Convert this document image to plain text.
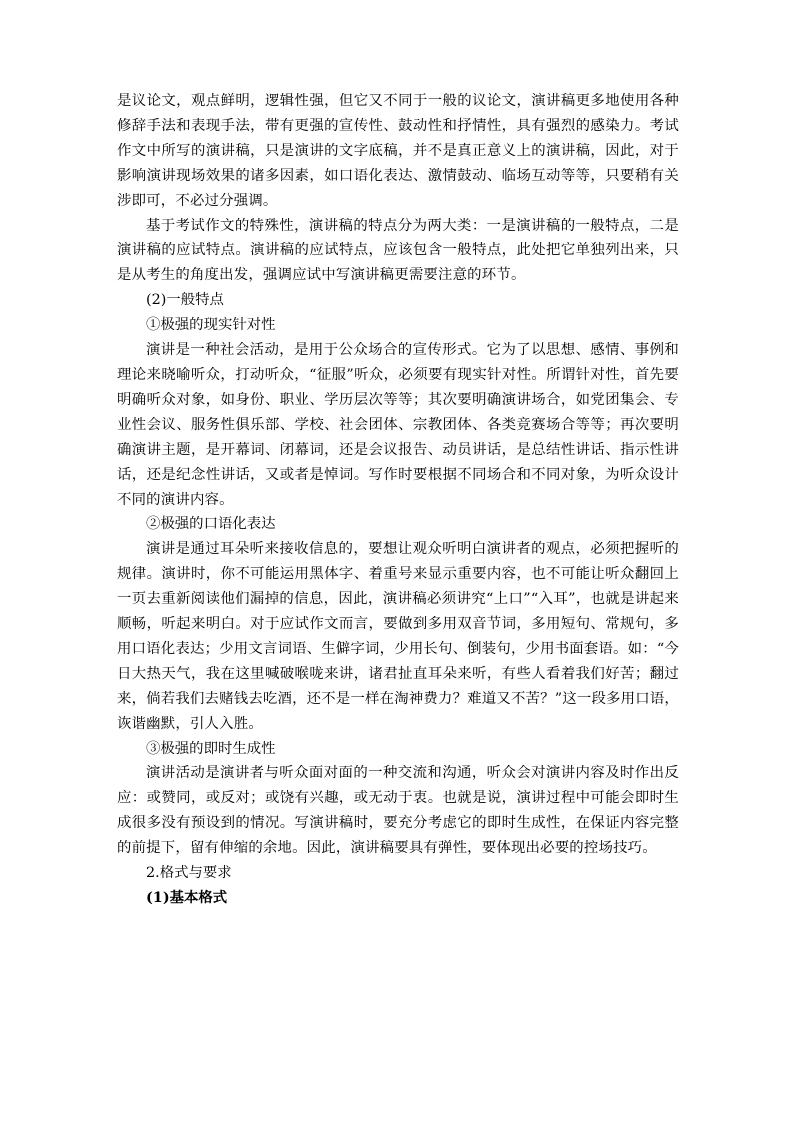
是议论文，观点鲜明，逻辑性强，但它又不同于一般的议论文，演讲稿更多地使用各种修辞手法和表现手法，带有更强的宣传性、鼓动性和抒情性，具有强烈的感染力。考试作文中所写的演讲稿，只是演讲的文字底稿，并不是真正意义上的演讲稿，因此，对于影响演讲现场效果的诸多因素，如口语化表达、激情鼓动、临场互动等等，只要稍有关涉即可，不必过分强调。

基于考试作文的特殊性，演讲稿的特点分为两大类：一是演讲稿的一般特点，二是演讲稿的应试特点。演讲稿的应试特点，应该包含一般特点，此处把它单独列出来，只是从考生的角度出发，强调应试中写演讲稿更需要注意的环节。

(2)一般特点

①极强的现实针对性

演讲是一种社会活动，是用于公众场合的宣传形式。它为了以思想、感情、事例和理论来晓喻听众，打动听众，“征服”听众，必须要有现实针对性。所谓针对性，首先要明确听众对象，如身份、职业、学历层次等等；其次要明确演讲场合，如党团集会、专业性会议、服务性俱乐部、学校、社会团体、宗教团体、各类竞赛场合等等；再次要明确演讲主题，是开幕词、闭幕词，还是会议报告、动员讲话，是总结性讲话、指示性讲话，还是纪念性讲话，又或者是悼词。写作时要根据不同场合和不同对象，为听众设计不同的演讲内容。

②极强的口语化表达

演讲是通过耳朵听来接收信息的，要想让观众听明白演讲者的观点，必须把握听的规律。演讲时，你不可能运用黑体字、着重号来显示重要内容，也不可能让听众翻回上一页去重新阅读他们漏掉的信息，因此，演讲稿必须讲究“上口”“入耳”，也就是讲起来顺畅，听起来明白。对于应试作文而言，要做到多用双音节词，多用短句、常规句，多用口语化表达；少用文言词语、生僻字词，少用长句、倒装句，少用书面套语。如：“今日大热天气，我在这里喊破喉咙来讲，诸君扯直耳朵来听，有些人看着我们好苦；翻过来，倘若我们去赌钱去吃酒，还不是一样在淘神费力？难道又不苦？”这一段多用口语，诙谐幽默，引人入胜。

③极强的即时生成性

演讲活动是演讲者与听众面对面的一种交流和沟通，听众会对演讲内容及时作出反应：或赞同，或反对；或饶有兴趣，或无动于衷。也就是说，演讲过程中可能会即时生成很多没有预设到的情况。写演讲稿时，要充分考虑它的即时生成性，在保证内容完整的前提下，留有伸缩的余地。因此，演讲稿要具有弹性，要体现出必要的控场技巧。

2.格式与要求

(1)基本格式
